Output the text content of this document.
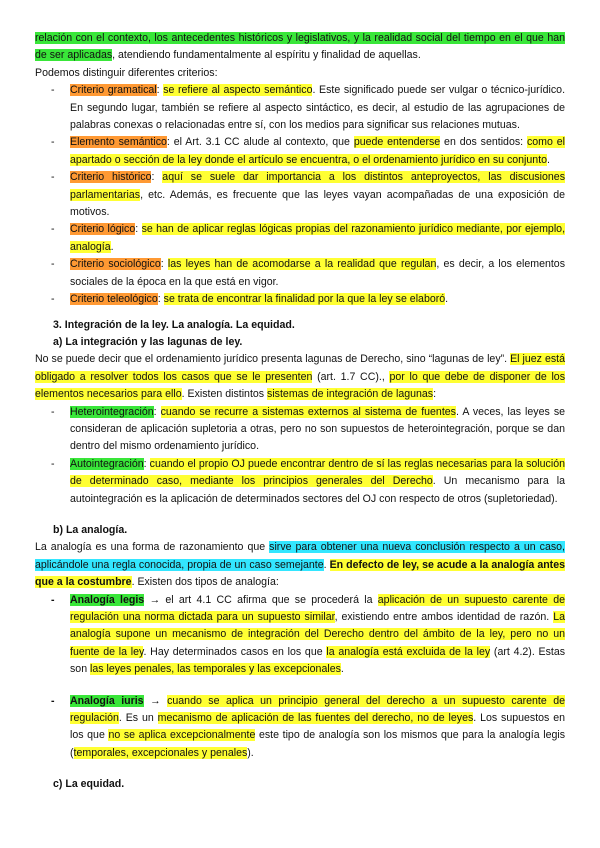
relación con el contexto, los antecedentes históricos y legislativos, y la realidad social del tiempo en el que han de ser aplicadas, atendiendo fundamentalmente al espíritu y finalidad de aquellas.

Podemos distinguir diferentes criterios:

- Criterio gramatical: se refiere al aspecto semántico. Este significado puede ser vulgar o técnico-jurídico. En segundo lugar, también se refiere al aspecto sintáctico, es decir, al estudio de las agrupaciones de palabras conexas o relacionadas entre sí, con los medios para significar sus relaciones mutuas.
- Elemento semántico: el Art. 3.1 CC alude al contexto, que puede entenderse en dos sentidos: como el apartado o sección de la ley donde el artículo se encuentra, o el ordenamiento jurídico en su conjunto.
- Criterio histórico: aquí se suele dar importancia a los distintos anteproyectos, las discusiones parlamentarias, etc. Además, es frecuente que las leyes vayan acompañadas de una exposición de motivos.
- Criterio lógico: se han de aplicar reglas lógicas propias del razonamiento jurídico mediante, por ejemplo, analogía.
- Criterio sociológico: las leyes han de acomodarse a la realidad que regulan, es decir, a los elementos sociales de la época en la que está en vigor.
- Criterio teleológico: se trata de encontrar la finalidad por la que la ley se elaboró.
3. Integración de la ley. La analogía. La equidad.
a) La integración y las lagunas de ley.

No se puede decir que el ordenamiento jurídico presenta lagunas de Derecho, sino “lagunas de ley”. El juez está obligado a resolver todos los casos que se le presenten (art. 1.7 CC)., por lo que debe de disponer de los elementos necesarios para ello. Existen distintos sistemas de integración de lagunas:

- Heterointegración: cuando se recurre a sistemas externos al sistema de fuentes. A veces, las leyes se consideran de aplicación supletoria a otras, pero no son supuestos de heterointegración, porque se dan dentro del mismo ordenamiento jurídico.
- Autointegración: cuando el propio OJ puede encontrar dentro de sí las reglas necesarias para la solución de determinado caso, mediante los principios generales del Derecho. Un mecanismo para la autointegración es la aplicación de determinados sectores del OJ con respecto de otros (supletoriedad).
b) La analogía.

La analogía es una forma de razonamiento que sirve para obtener una nueva conclusión respecto a un caso, aplicándole una regla conocida, propia de un caso semejante. En defecto de ley, se acude a la analogía antes que a la costumbre. Existen dos tipos de analogía:

- Analogía legis → el art 4.1 CC afirma que se procederá la aplicación de un supuesto carente de regulación una norma dictada para un supuesto similar, existiendo entre ambos identidad de razón. La analogía supone un mecanismo de integración del Derecho dentro del ámbito de la ley, pero no un fuente de la ley. Hay determinados casos en los que la analogía está excluida de la ley (art 4.2). Estas son las leyes penales, las temporales y las excepcionales.
- Analogía iuris → cuando se aplica un principio general del derecho a un supuesto carente de regulación. Es un mecanismo de aplicación de las fuentes del derecho, no de leyes. Los supuestos en los que no se aplica excepcionalmente este tipo de analogía son los mismos que para la analogía legis (temporales, excepcionales y penales).
c) La equidad.
